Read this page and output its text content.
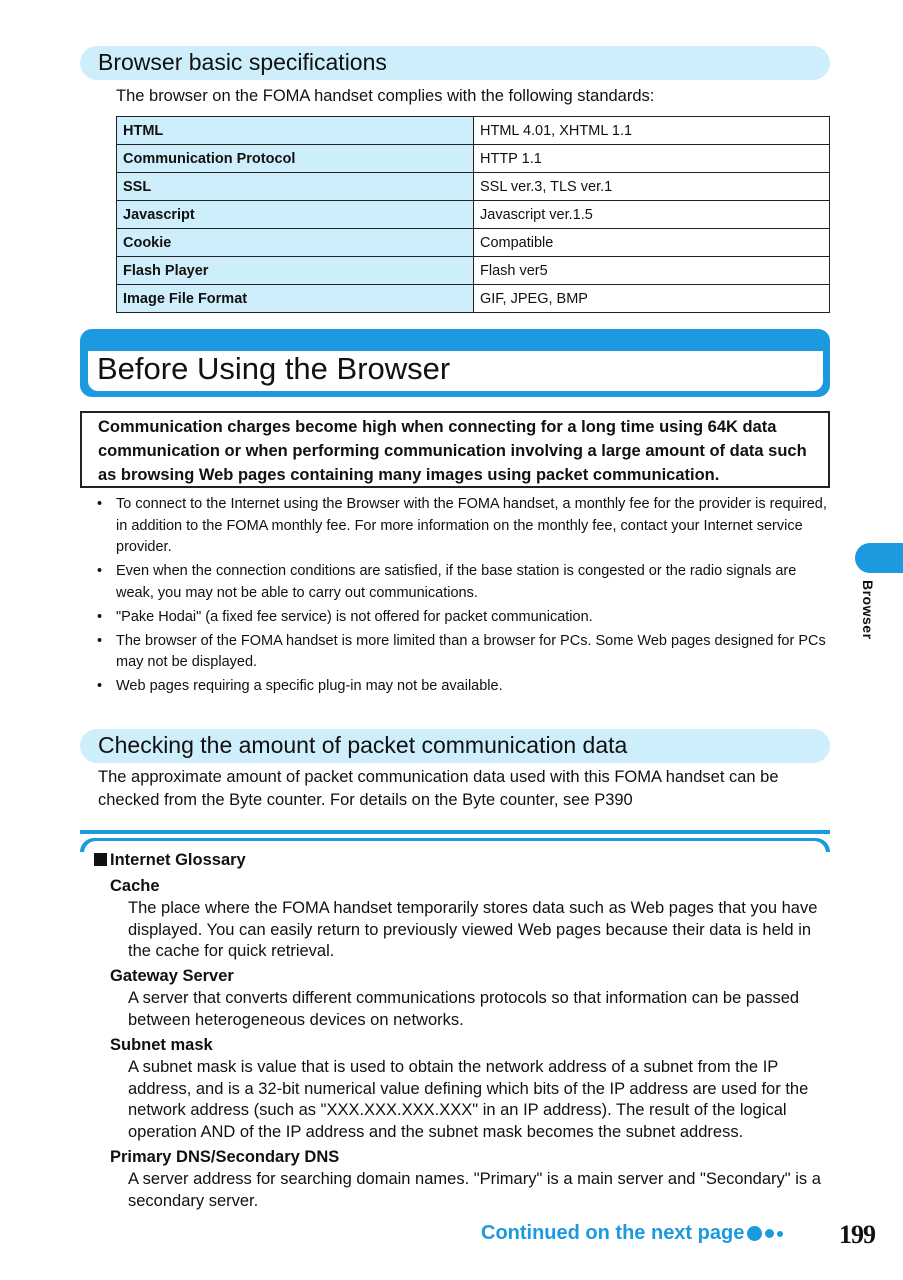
Browser basic specifications
The browser on the FOMA handset complies with the following standards:
HTML	HTML 4.01, XHTML 1.1
Communication Protocol	HTTP 1.1
SSL	SSL ver.3, TLS ver.1
Javascript	Javascript ver.1.5
Cookie	Compatible
Flash Player	Flash ver5
Image File Format	GIF, JPEG, BMP
Before Using the Browser
Communication charges become high when connecting for a long time using 64K data communication or when performing communication involving a large amount of data such as browsing Web pages containing many images using packet communication.
• To connect to the Internet using the Browser with the FOMA handset, a monthly fee for the provider is required, in addition to the FOMA monthly fee. For more information on the monthly fee, contact your Internet service provider.
• Even when the connection conditions are satisfied, if the base station is congested or the radio signals are weak, you may not be able to carry out communications.
• "Pake Hodai" (a fixed fee service) is not offered for packet communication.
• The browser of the FOMA handset is more limited than a browser for PCs. Some Web pages designed for PCs may not be displayed.
• Web pages requiring a specific plug-in may not be available.
Checking the amount of packet communication data
The approximate amount of packet communication data used with this FOMA handset can be checked from the Byte counter. For details on the Byte counter, see P390
Internet Glossary
Cache
The place where the FOMA handset temporarily stores data such as Web pages that you have displayed. You can easily return to previously viewed Web pages because their data is held in the cache for quick retrieval.
Gateway Server
A server that converts different communications protocols so that information can be passed between heterogeneous devices on networks.
Subnet mask
A subnet mask is value that is used to obtain the network address of a subnet from the IP address, and is a 32-bit numerical value defining which bits of the IP address are used for the network address (such as "XXX.XXX.XXX.XXX" in an IP address). The result of the logical operation AND of the IP address and the subnet mask becomes the subnet address.
Primary DNS/Secondary DNS
A server address for searching domain names. "Primary" is a main server and "Secondary" is a secondary server.
Browser
Continued on the next page	199
